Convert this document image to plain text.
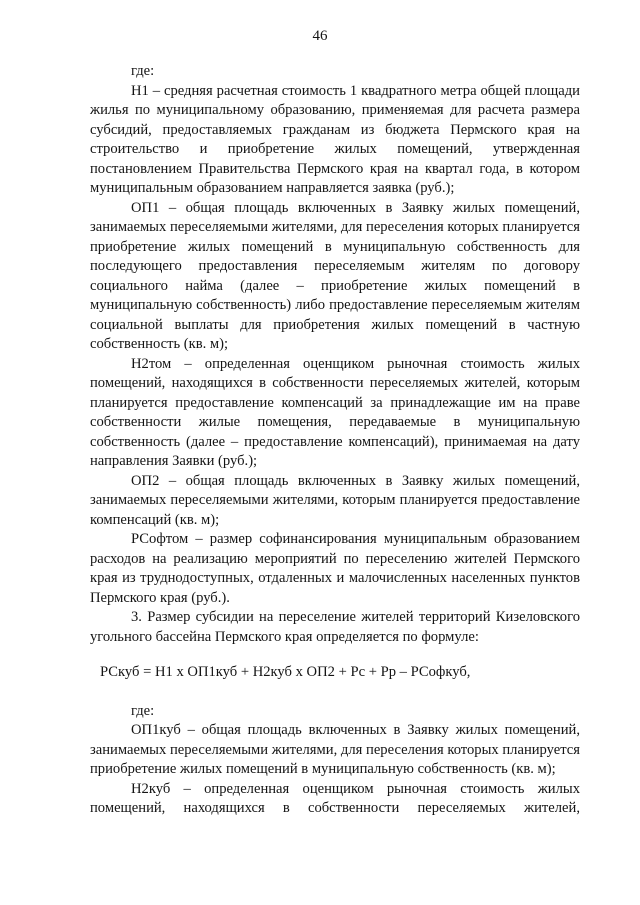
46

где:

Н1 – средняя расчетная стоимость 1 квадратного метра общей площади жилья по муниципальному образованию, применяемая для расчета размера субсидий, предоставляемых гражданам из бюджета Пермского края на строительство и приобретение жилых помещений, утвержденная постановлением Правительства Пермского края на квартал года, в котором муниципальным образованием направляется заявка (руб.);

ОП1 – общая площадь включенных в Заявку жилых помещений, занимаемых переселяемыми жителями, для переселения которых планируется приобретение жилых помещений в муниципальную собственность для последующего предоставления переселяемым жителям по договору социального найма (далее – приобретение жилых помещений в муниципальную собственность) либо предоставление переселяемым жителям социальной выплаты для приобретения жилых помещений в частную собственность (кв. м);

Н2том – определенная оценщиком рыночная стоимость жилых помещений, находящихся в собственности переселяемых жителей, которым планируется предоставление компенсаций за принадлежащие им на праве собственности жилые помещения, передаваемые в муниципальную собственность (далее – предоставление компенсаций), принимаемая на дату направления Заявки (руб.);

ОП2 – общая площадь включенных в Заявку жилых помещений, занимаемых переселяемыми жителями, которым планируется предоставление компенсаций (кв. м);

РСофтом – размер софинансирования муниципальным образованием расходов на реализацию мероприятий по переселению жителей Пермского края из труднодоступных, отдаленных и малочисленных населенных пунктов Пермского края (руб.).

3. Размер субсидии на переселение жителей территорий Кизеловского угольного бассейна Пермского края определяется по формуле:

РСкуб = Н1 х ОП1куб + Н2куб х ОП2 + Рс + Рр – РСофкуб,

где:

ОП1куб – общая площадь включенных в Заявку жилых помещений, занимаемых переселяемыми жителями, для переселения которых планируется приобретение жилых помещений в муниципальную собственность (кв. м);

Н2куб – определенная оценщиком рыночная стоимость жилых помещений, находящихся в собственности переселяемых жителей,
